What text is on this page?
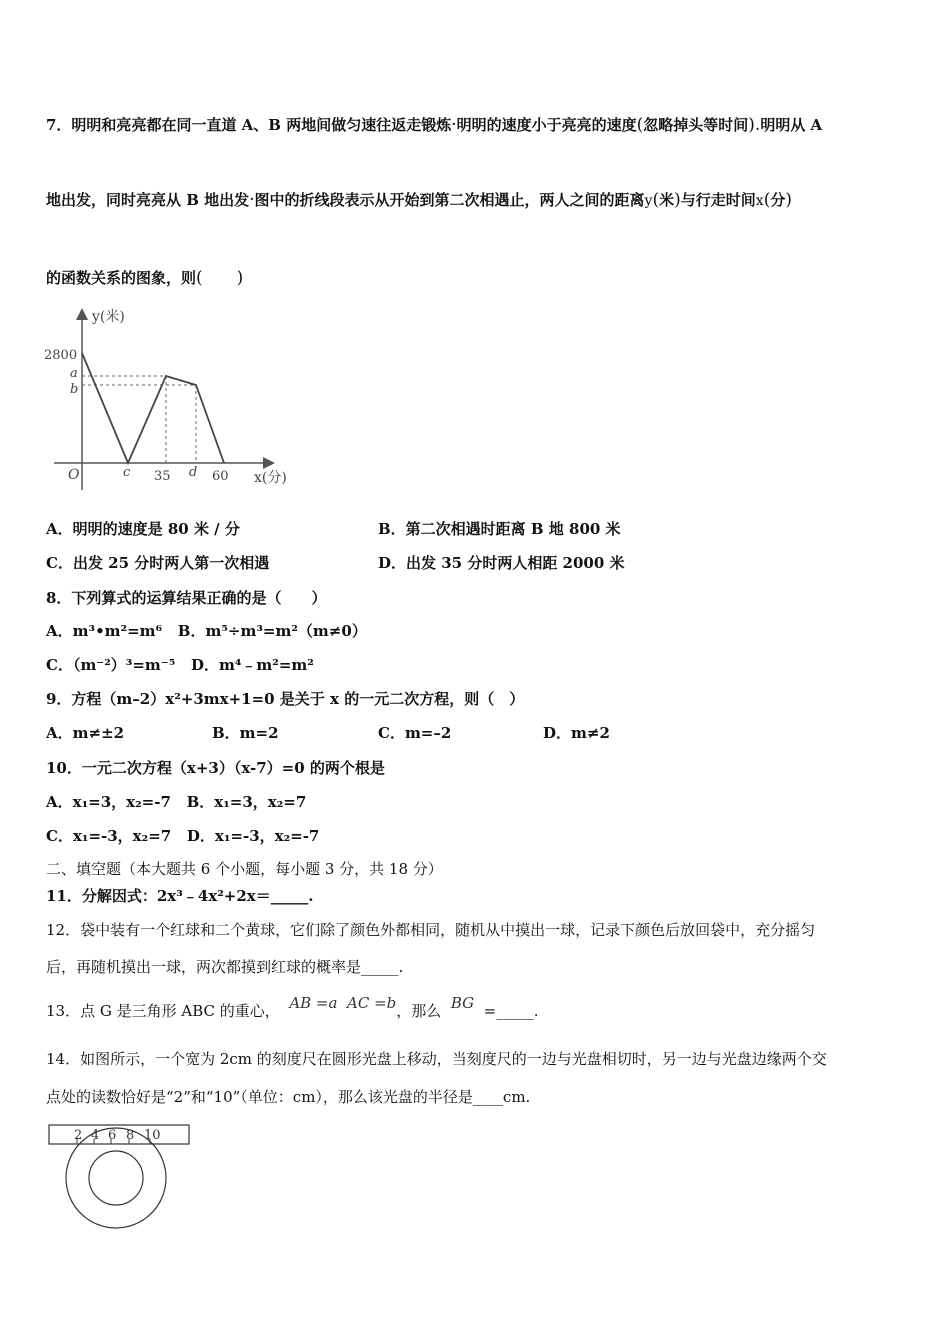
7．明明和亮亮都在同一直道 A、B 两地间做匀速往返走锻炼·明明的速度小于亮亮的速度(忽略掉头等时间).明明从 A
地出发，同时亮亮从 B 地出发·图中的折线段表示从开始到第二次相遇止，两人之间的距离y(米)与行走时间x(分)
的函数关系的图象，则(　　)
y(米)
x(分)
O
2800
a
b
c 35 d 60
A．明明的速度是 80 米 / 分	B．第二次相遇时距离 B 地 800 米
C．出发 25 分时两人第一次相遇	D．出发 35 分时两人相距 2000 米
8．下列算式的运算结果正确的是（　　）
A．m³•m²=m⁶ B．m⁵÷m³=m²（m≠0）
C．（m⁻²）³=m⁻⁵ D．m⁴﹣m²=m²
9．方程（m–2）x²+3mx+1=0 是关于 x 的一元二次方程，则（　）
A．m≠±2	B．m=2	C．m=–2	D．m≠2
10．一元二次方程（x+3）（x-7）=0 的两个根是
A．x₁=3，x₂=-7 B．x₁=3，x₂=7
C．x₁=-3，x₂=7 D．x₁=-3，x₂=-7
二、填空题（本大题共 6 个小题，每小题 3 分，共 18 分）
11．分解因式：2x³﹣4x²+2x＝_____.
12．袋中装有一个红球和二个黄球，它们除了颜色外都相同，随机从中摸出一球，记录下颜色后放回袋中，充分摇匀
后，再随机摸出一球，两次都摸到红球的概率是_____.
13．点 G 是三角形 ABC 的重心， AB =a AC =b，那么 BG =_____.
14．如图所示，一个宽为 2cm 的刻度尺在圆形光盘上移动，当刻度尺的一边与光盘相切时，另一边与光盘边缘两个交
点处的读数恰好是“2”和“10”（单位：cm），那么该光盘的半径是____cm.
2 4 6 8 10
